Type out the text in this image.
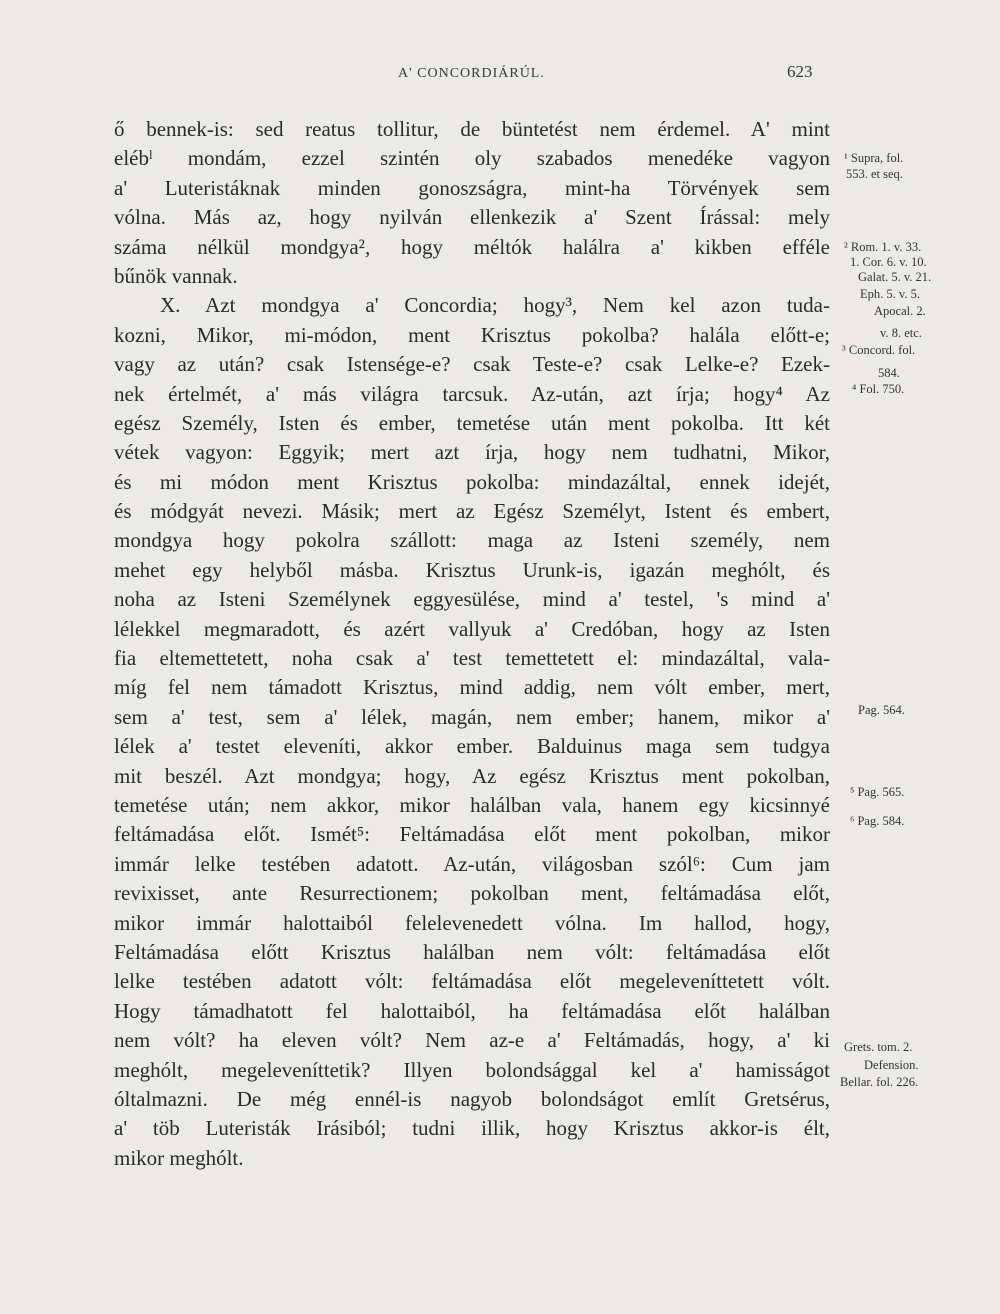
A' CONCORDIÁRÚL.	623
ő bennek-is: sed reatus tollitur, de büntetést nem érdemel. A' mint
elébˡ mondám, ezzel szintén oly szabados menedéke vagyon
a' Luteristáknak minden gonoszságra, mint-ha Törvények sem
vólna. Más az, hogy nyilván ellenkezik a' Szent Írással: mely
száma nélkül mondgya², hogy méltók halálra a' kikben efféle
bűnök vannak.
X. Azt mondgya a' Concordia; hogy³, Nem kel azon tuda-
kozni, Mikor, mi-módon, ment Krisztus pokolba? halála előtt-e;
vagy az után? csak Istensége-e? csak Teste-e? csak Lelke-e? Ezek-
nek értelmét, a' más világra tarcsuk. Az-után, azt írja; hogy⁴ Az
egész Személy, Isten és ember, temetése után ment pokolba. Itt két
vétek vagyon: Eggyik; mert azt írja, hogy nem tudhatni, Mikor,
és mi módon ment Krisztus pokolba: mindazáltal, ennek idejét,
és módgyát nevezi. Másik; mert az Egész Személyt, Istent és embert,
mondgya hogy pokolra szállott: maga az Isteni személy, nem
mehet egy helyből másba. Krisztus Urunk-is, igazán meghólt, és
noha az Isteni Személynek eggyesülése, mind a' testel, 's mind a'
lélekkel megmaradott, és azért vallyuk a' Credóban, hogy az Isten
fia eltemettetett, noha csak a' test temettetett el: mindazáltal, vala-
míg fel nem támadott Krisztus, mind addig, nem vólt ember, mert,
sem a' test, sem a' lélek, magán, nem ember; hanem, mikor a'
lélek a' testet eleveníti, akkor ember. Balduinus maga sem tudgya
mit beszél. Azt mondgya; hogy, Az egész Krisztus ment pokolban,
temetése után; nem akkor, mikor halálban vala, hanem egy kicsinnyé
feltámadása előt. Ismét⁵: Feltámadása előt ment pokolban, mikor
immár lelke testében adatott. Az-után, világosban szól⁶: Cum jam
revixisset, ante Resurrectionem; pokolban ment, feltámadása előt,
mikor immár halottaiból felelevenedett vólna. Im hallod, hogy,
Feltámadása előtt Krisztus halálban nem vólt: feltámadása előt
lelke testében adatott vólt: feltámadása előt megeleveníttetett vólt.
Hogy támadhatott fel halottaiból, ha feltámadása előt halálban
nem vólt? ha eleven vólt? Nem az-e a' Feltámadás, hogy, a' ki
meghólt, megeleveníttetik? Illyen bolondsággal kel a' hamisságot
óltalmazni. De még ennél-is nagyob bolondságot említ Gretsérus,
a' töb Luteristák Irásiból; tudni illik, hogy Krisztus akkor-is élt,
mikor meghólt.
¹ Supra, fol.
553. et seq.
² Rom. 1. v. 33.
1. Cor. 6. v. 10.
Galat. 5. v. 21.
Eph. 5. v. 5.
Apocal. 2.
v. 8. etc.
³ Concord. fol.
584.
⁴ Fol. 750.
Pag. 564.
⁵ Pag. 565.
⁶ Pag. 584.
Grets. tom. 2.
Defension.
Bellar. fol. 226.
